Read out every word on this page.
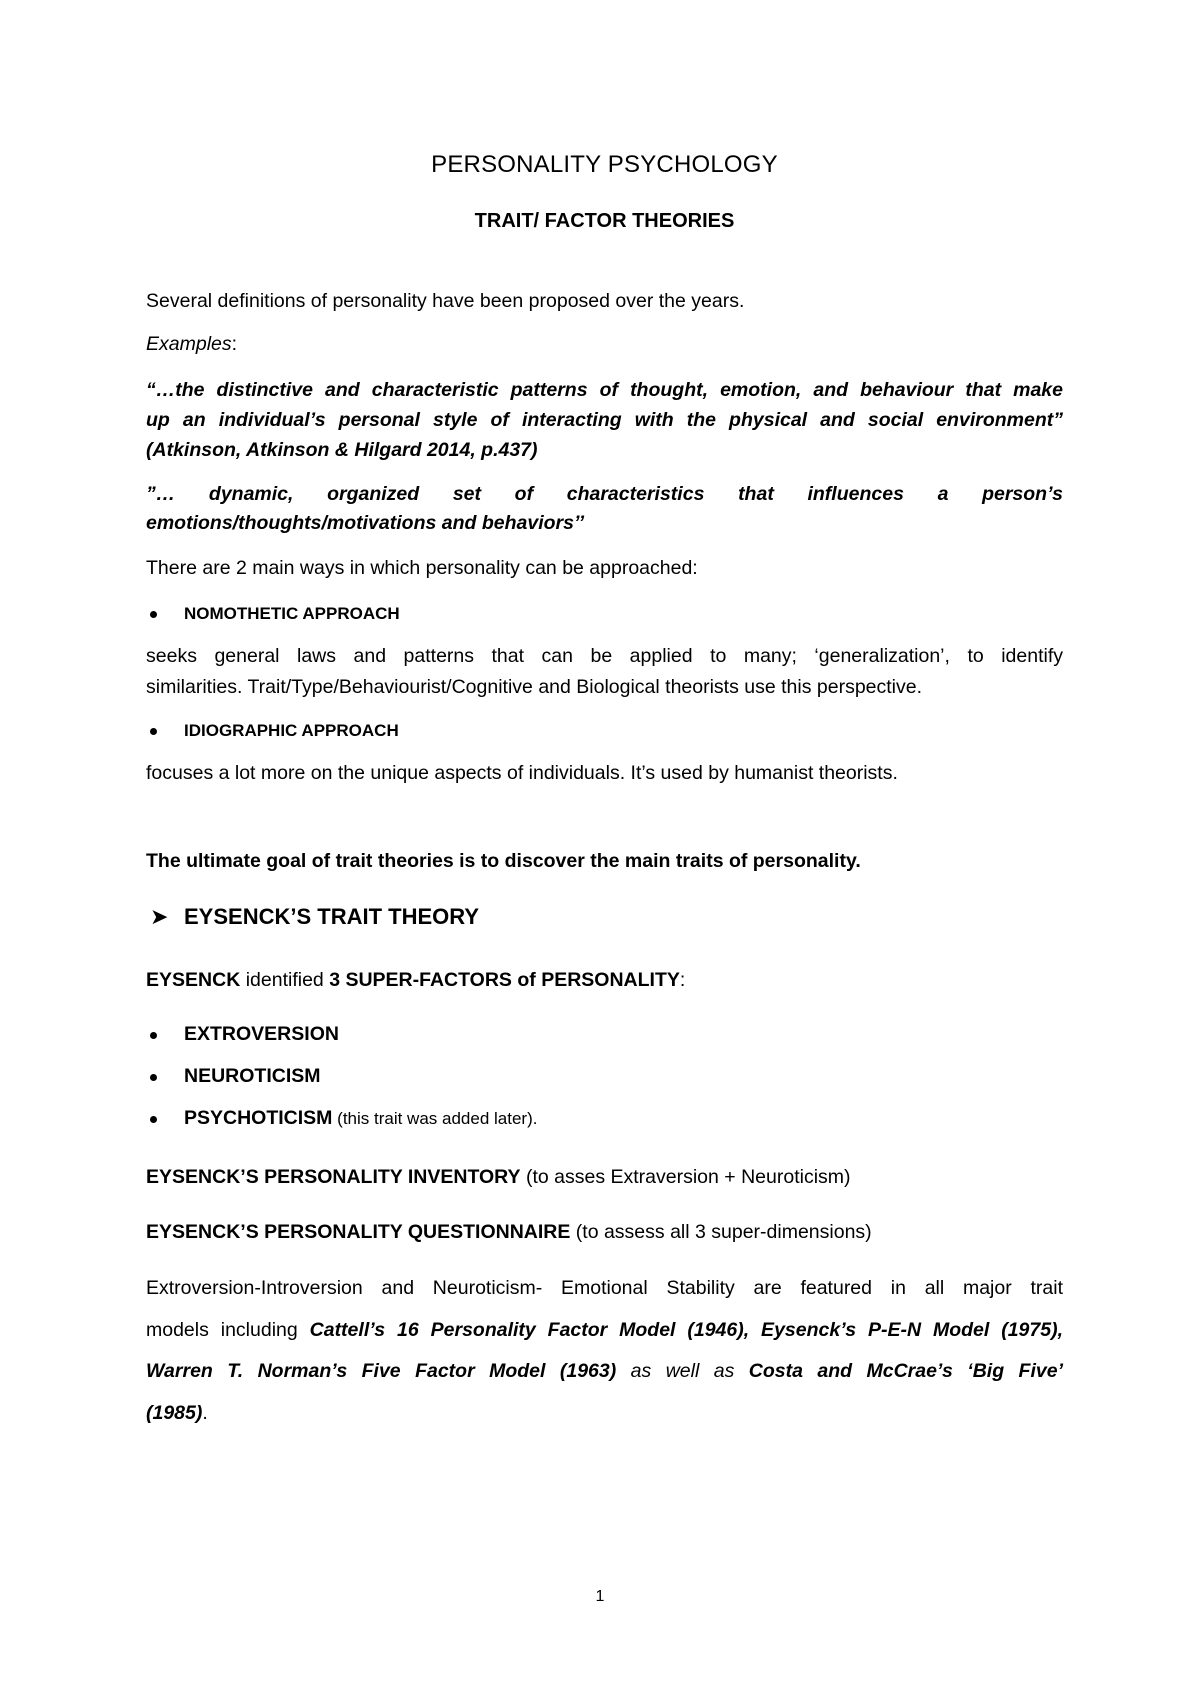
PERSONALITY PSYCHOLOGY
TRAIT/ FACTOR THEORIES
Several definitions of personality have been proposed over the years.
Examples:
“…the distinctive and characteristic patterns of thought, emotion, and behaviour that make
up an individual’s personal style of interacting with the physical and social environment”
(Atkinson, Atkinson & Hilgard 2014, p.437)
”… dynamic, organized set of characteristics that influences a person’s
emotions/thoughts/motivations and behaviors’’
There are 2 main ways in which personality can be approached:
NOMOTHETIC APPROACH
seeks general laws and patterns that can be applied to many; ‘generalization’, to identify
similarities. Trait/Type/Behaviourist/Cognitive and Biological theorists use this perspective.
IDIOGRAPHIC APPROACH
focuses a lot more on the unique aspects of individuals. It’s used by humanist theorists.
The ultimate goal of trait theories is to discover the main traits of personality.
➤ EYSENCK’S TRAIT THEORY
EYSENCK identified 3 SUPER-FACTORS of PERSONALITY:
EXTROVERSION
NEUROTICISM
PSYCHOTICISM (this trait was added later).
EYSENCK’S PERSONALITY INVENTORY (to asses Extraversion + Neuroticism)
EYSENCK’S PERSONALITY QUESTIONNAIRE (to assess all 3 super-dimensions)
Extroversion-Introversion and Neuroticism- Emotional Stability are featured in all major trait
models including Cattell’s 16 Personality Factor Model (1946), Eysenck’s P-E-N Model (1975),
Warren T. Norman’s Five Factor Model (1963) as well as Costa and McCrae’s ‘Big Five’
(1985).
1
